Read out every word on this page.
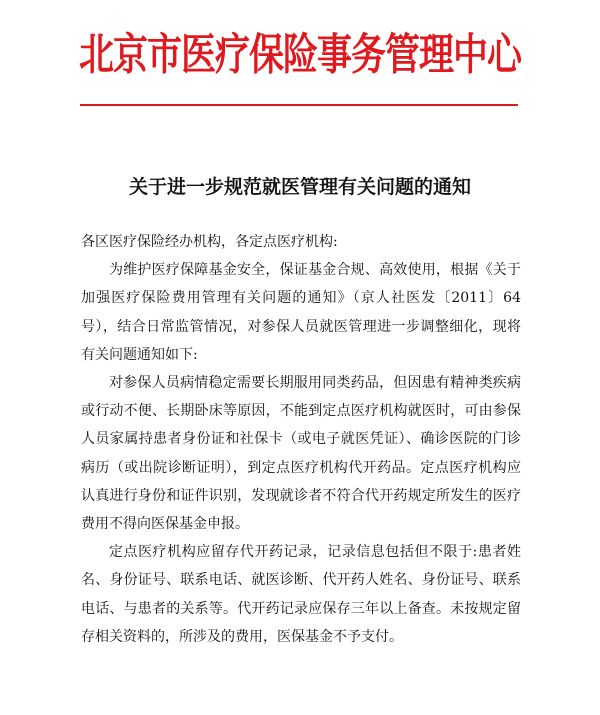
北京市医疗保险事务管理中心
关于进一步规范就医管理有关问题的通知

各区医疗保险经办机构，各定点医疗机构:

为维护医疗保障基金安全，保证基金合规、高效使用，根据《关于加强医疗保险费用管理有关问题的通知》（京人社医发〔2011〕64号），结合日常监管情况，对参保人员就医管理进一步调整细化，现将有关问题通知如下:

对参保人员病情稳定需要长期服用同类药品，但因患有精神类疾病或行动不便、长期卧床等原因，不能到定点医疗机构就医时，可由参保人员家属持患者身份证和社保卡（或电子就医凭证）、确诊医院的门诊病历（或出院诊断证明），到定点医疗机构代开药品。定点医疗机构应认真进行身份和证件识别，发现就诊者不符合代开药规定所发生的医疗费用不得向医保基金申报。

定点医疗机构应留存代开药记录，记录信息包括但不限于:患者姓名、身份证号、联系电话、就医诊断、代开药人姓名、身份证号、联系电话、与患者的关系等。代开药记录应保存三年以上备查。未按规定留存相关资料的，所涉及的费用，医保基金不予支付。
